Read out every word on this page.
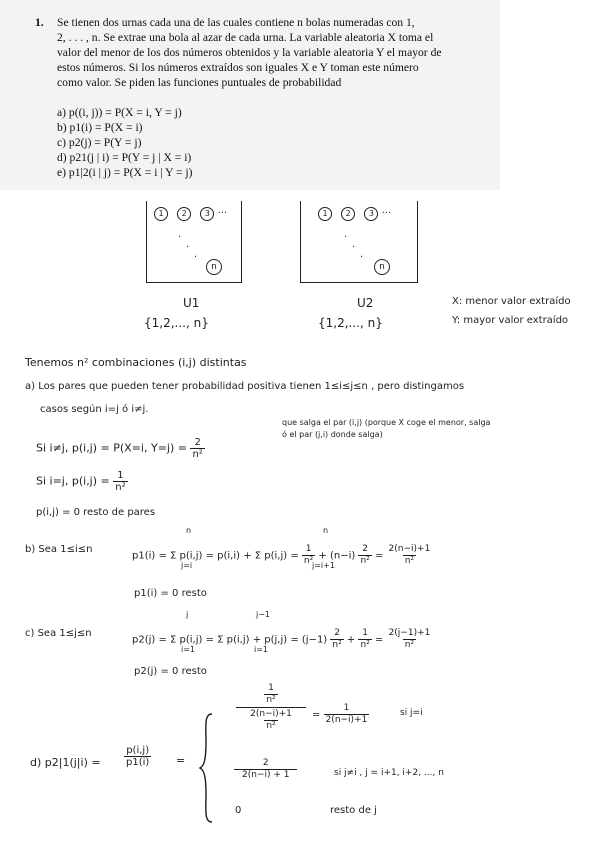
1. Se tienen dos urnas cada una de las cuales contiene n bolas numeradas con 1,
2, . . . , n. Se extrae una bola al azar de cada urna. La variable aleatoria X toma el
valor del menor de los dos números obtenidos y la variable aleatoria Y el mayor de
estos números. Si los números extraídos son iguales X e Y toman este número
como valor. Se piden las funciones puntuales de probabilidad
a) p((i, j)) = P(X = i, Y = j)
b) p1(i) = P(X = i)
c) p2(j) = P(Y = j)
d) p21(j | i) = P(Y = j | X = i)
e) p1|2(i | j) = P(X = i | Y = j)
1 2 3 ···
·
·
·
n
U1
{1,2,..., n}
1 2 3 ···
·
·
·
n
U2
{1,2,..., n}
X: menor valor extraído
Y: mayor valor extraído
Tenemos n² combinaciones (i,j) distintas
a) Los pares que pueden tener probabilidad positiva tienen 1≤i≤j≤n , pero distingamos
casos según i=j ó i≠j.
Si i≠j, p(i,j) = P(X=i, $Y=j) = \frac{2}{\text{n²}}$
que salga el par (i,j) (porque X coge el menor, salga
ó el par (j,i) donde salga)
Si i=j, $p(i,j) = \frac{1}{\text{n²}}$
p(i,j) = 0 resto de pares
b) Sea 1≤i≤n
n
j=i
n
j=i+1
p1(i) = Σ p(i,j) = p(i,i) + Σ $p(i,j) = \frac{1}{\text{n²}} + (n-i) \frac{2}{\text{n²}} = \frac{2(n-i)+1}{\text{n²}}$
p1(i) = 0 resto
c) Sea 1≤j≤n
j
i=1
j−1
i=1
p2(j) = Σ p(i,j) = Σ $p(i,j) + p(j,j) = (j-1) \frac{2}{\text{n²}} + \frac{1}{\text{n²}} = \frac{2(j-1)+1}{\text{n²}}$
p2(j) = 0 resto
d) $p2|1(j|i) = \frac{p(i,j)}{p1(i)}$ =
$\frac{\frac{1}{\text{n²}}}{\frac{2(n-i)+1}{\text{n²}}} = \frac{1}{2(n-i)+1}$	si j=i
$\frac{2}{2(n-i) + 1}$	si j≠i , j = i+1, i+2, ..., n
0	resto de j
